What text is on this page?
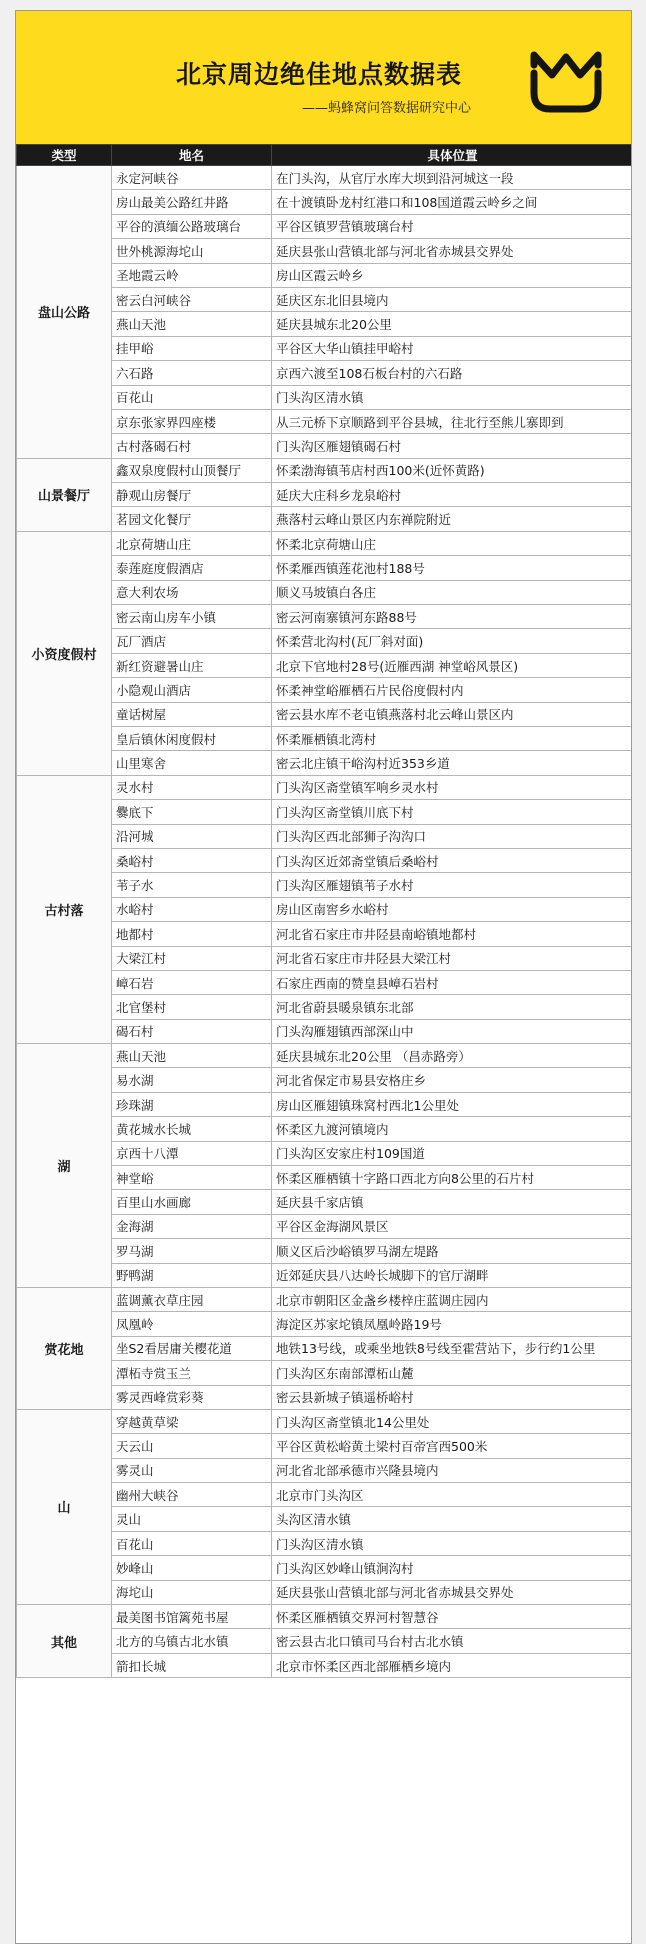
北京周边绝佳地点数据表
——蚂蜂窝问答数据研究中心
类型	地名	具体位置
盘山公路	永定河峡谷	在门头沟，从官厅水库大坝到沿河城这一段
	房山最美公路红井路	在十渡镇卧龙村红港口和108国道霞云岭乡之间
	平谷的滇缅公路玻璃台	平谷区镇罗营镇玻璃台村
	世外桃源海坨山	延庆县张山营镇北部与河北省赤城县交界处
	圣地霞云岭	房山区霞云岭乡
	密云白河峡谷	延庆区东北旧县境内
	燕山天池	延庆县城东北20公里
	挂甲峪	平谷区大华山镇挂甲峪村
	六石路	京西六渡至108石板台村的六石路
	百花山	门头沟区清水镇
	京东张家界四座楼	从三元桥下京顺路到平谷县城，往北行至熊儿寨即到
	古村落碣石村	门头沟区雁翅镇碣石村
山景餐厅	鑫双泉度假村山顶餐厅	怀柔渤海镇苇店村西100米(近怀黄路)
	静观山房餐厅	延庆大庄科乡龙泉峪村
	茗园文化餐厅	燕落村云峰山景区内东禅院附近
小资度假村	北京荷塘山庄	怀柔北京荷塘山庄
	泰莲庭度假酒店	怀柔雁西镇莲花池村188号
	意大利农场	顺义马坡镇白各庄
	密云南山房车小镇	密云河南寨镇河东路88号
	瓦厂酒店	怀柔营北沟村(瓦厂斜对面)
	新红资避暑山庄	北京下官地村28号(近雁西湖 神堂峪风景区)
	小隐观山酒店	怀柔神堂峪雁栖石片民俗度假村内
	童话树屋	密云县水库不老屯镇燕落村北云峰山景区内
	皇后镇休闲度假村	怀柔雁栖镇北湾村
	山里寒舍	密云北庄镇干峪沟村近353乡道
古村落	灵水村	门头沟区斋堂镇军响乡灵水村
	爨底下	门头沟区斋堂镇川底下村
	沿河城	门头沟区西北部狮子沟沟口
	桑峪村	门头沟区近郊斋堂镇后桑峪村
	苇子水	门头沟区雁翅镇苇子水村
	水峪村	房山区南窖乡水峪村
	地都村	河北省石家庄市井陉县南峪镇地都村
	大梁江村	河北省石家庄市井陉县大梁江村
	嶂石岩	石家庄西南的赞皇县嶂石岩村
	北官堡村	河北省蔚县暖泉镇东北部
	碣石村	门头沟雁翅镇西部深山中
湖	燕山天池	延庆县城东北20公里 （昌赤路旁）
	易水湖	河北省保定市易县安格庄乡
	珍珠湖	房山区雁翅镇珠窝村西北1公里处
	黄花城水长城	怀柔区九渡河镇境内
	京西十八潭	门头沟区安家庄村109国道
	神堂峪	怀柔区雁栖镇十字路口西北方向8公里的石片村
	百里山水画廊	延庆县千家店镇
	金海湖	平谷区金海湖风景区
	罗马湖	顺义区后沙峪镇罗马湖左堤路
	野鸭湖	近郊延庆县八达岭长城脚下的官厅湖畔
赏花地	蓝调薰衣草庄园	北京市朝阳区金盏乡楼梓庄蓝调庄园内
	凤凰岭	海淀区苏家坨镇凤凰岭路19号
	坐S2看居庸关樱花道	地铁13号线，或乘坐地铁8号线至霍营站下，步行约1公里
	潭柘寺赏玉兰	门头沟区东南部潭柘山麓
	雾灵西峰赏彩葵	密云县新城子镇遥桥峪村
山	穿越黄草梁	门头沟区斋堂镇北14公里处
	天云山	平谷区黄松峪黄土梁村百帝宫西500米
	雾灵山	河北省北部承德市兴隆县境内
	幽州大峡谷	北京市门头沟区
	灵山	头沟区清水镇
	百花山	门头沟区清水镇
	妙峰山	门头沟区妙峰山镇涧沟村
	海坨山	延庆县张山营镇北部与河北省赤城县交界处
其他	最美图书馆篱苑书屋	怀柔区雁栖镇交界河村智慧谷
	北方的乌镇古北水镇	密云县古北口镇司马台村古北水镇
	箭扣长城	北京市怀柔区西北部雁栖乡境内
